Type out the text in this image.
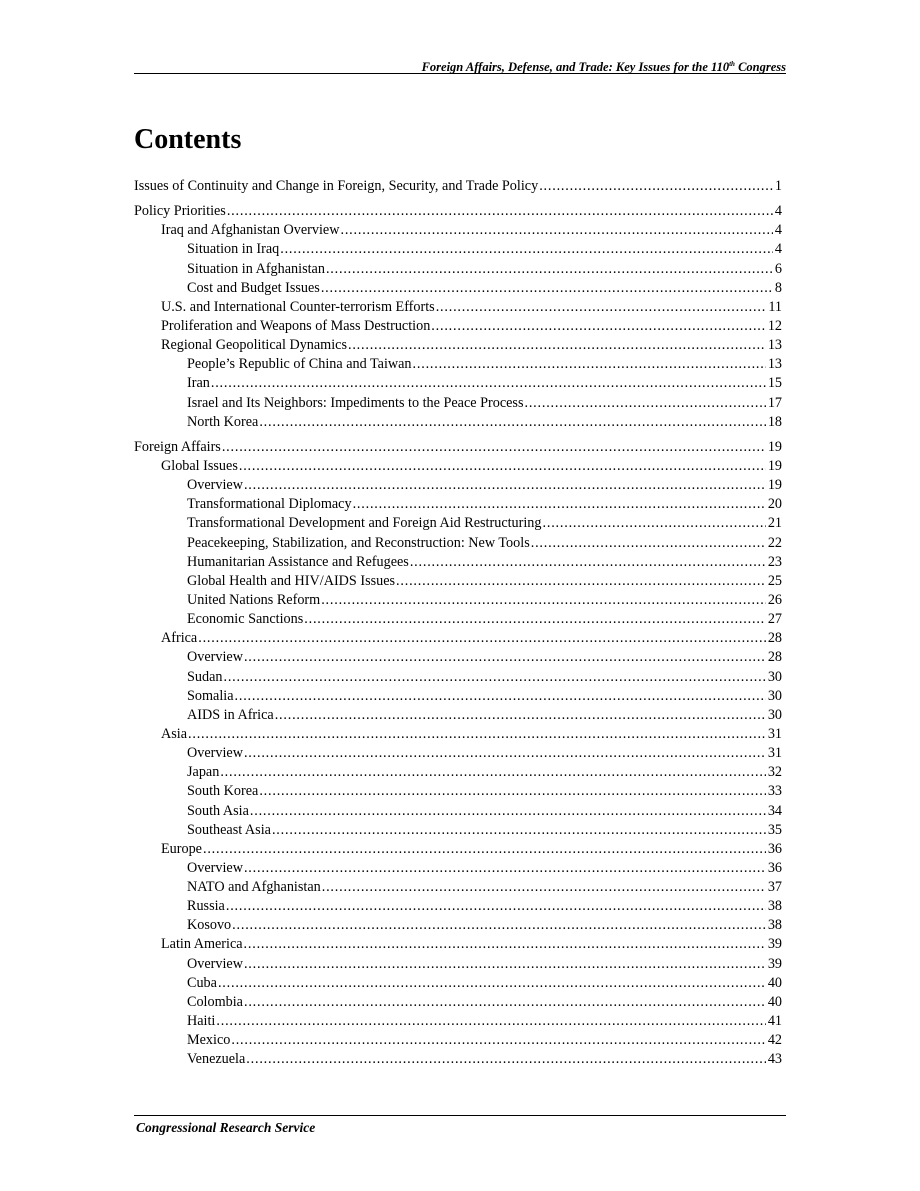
Foreign Affairs, Defense, and Trade: Key Issues for the 110th Congress
Contents
Issues of Continuity and Change in Foreign, Security, and Trade Policy .....	1
Policy Priorities .....	4
Iraq and Afghanistan Overview .....	4
Situation in Iraq .....	4
Situation in Afghanistan .....	6
Cost and Budget Issues .....	8
U.S. and International Counter-terrorism Efforts .....	11
Proliferation and Weapons of Mass Destruction .....	12
Regional Geopolitical Dynamics .....	13
People’s Republic of China and Taiwan .....	13
Iran .....	15
Israel and Its Neighbors: Impediments to the Peace Process .....	17
North Korea .....	18
Foreign Affairs .....	19
Global Issues .....	19
Overview .....	19
Transformational Diplomacy .....	20
Transformational Development and Foreign Aid Restructuring .....	21
Peacekeeping, Stabilization, and Reconstruction: New Tools .....	22
Humanitarian Assistance and Refugees .....	23
Global Health and HIV/AIDS Issues .....	25
United Nations Reform .....	26
Economic Sanctions .....	27
Africa .....	28
Overview .....	28
Sudan .....	30
Somalia .....	30
AIDS in Africa .....	30
Asia .....	31
Overview .....	31
Japan .....	32
South Korea .....	33
South Asia .....	34
Southeast Asia .....	35
Europe .....	36
Overview .....	36
NATO and Afghanistan .....	37
Russia .....	38
Kosovo .....	38
Latin America .....	39
Overview .....	39
Cuba .....	40
Colombia .....	40
Haiti .....	41
Mexico .....	42
Venezuela .....	43
Congressional Research Service
